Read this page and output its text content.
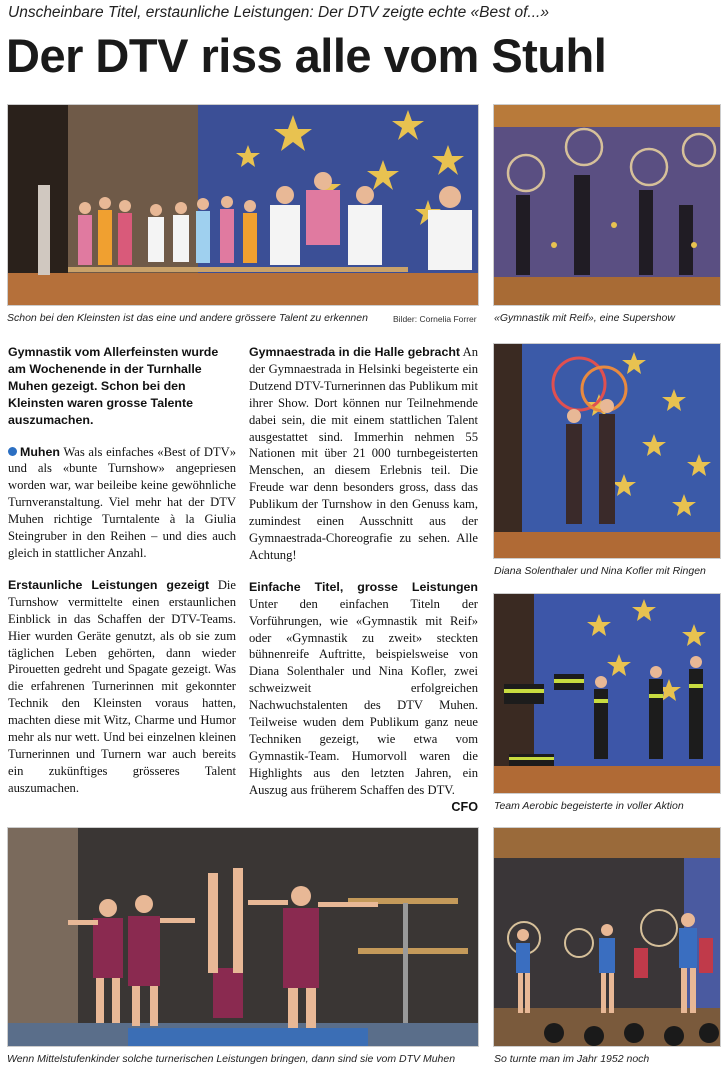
Unscheinbare Titel, erstaunliche Leistungen: Der DTV zeigte echte «Best of...»
Der DTV riss alle vom Stuhl
Schon bei den Kleinsten ist das eine und andere grössere Talent zu erkennen	Bilder: Cornelia Forrer «Gymnastik mit Reif», eine Supershow
Diana Solenthaler und Nina Kofler mit Ringen
Team Aerobic begeisterte in voller Aktion

Gymnastik vom Allerfeinsten wurde am Wochenende in der Turnhalle Muhen gezeigt. Schon bei den Kleinsten waren grosse Talente auszumachen.

Muhen Was als einfaches «Best of DTV» und als «bunte Turnshow» angepriesen worden war, war beileibe keine gewöhnliche Turnveranstaltung. Viel mehr hat der DTV Muhen richtige Turntalente à la Giulia Steingruber in den Reihen – und dies auch gleich in stattlicher Anzahl.

Erstaunliche Leistungen gezeigt Die Turnshow vermittelte einen erstaunlichen Einblick in das Schaffen der DTV-Teams. Hier wurden Geräte genutzt, als ob sie zum täglichen Leben gehörten, dann wieder Pirouetten gedreht und Spagate gezeigt. Was die erfahrenen Turnerinnen mit gekonnter Technik den Kleinsten voraus hatten, machten diese mit Witz, Charme und Humor mehr als nur wett. Und bei einzelnen kleinen Turnerinnen und Turnern war auch bereits ein zukünftiges grösseres Talent auszumachen.

Gymnaestrada in die Halle gebracht An der Gymnaestrada in Helsinki begeisterte ein Dutzend DTV-Turnerinnen das Publikum mit ihrer Show. Dort können nur Teilnehmende dabei sein, die mit einem stattlichen Talent ausgestattet sind. Immerhin nehmen 55 Nationen mit über 21 000 turnbegeisterten Menschen, an diesem Erlebnis teil. Die Freude war denn besonders gross, dass das Publikum der Turnshow in den Genuss kam, zumindest einen Ausschnitt aus der Gymnaestrada-Choreografie zu sehen. Alle Achtung!

Einfache Titel, grosse Leistungen Unter den einfachen Titeln der Vorführungen, wie «Gymnastik mit Reif» oder «Gymnastik zu zweit» steckten bühnenreife Auftritte, beispielsweise von Diana Solenthaler und Nina Kofler, zwei schweizweit erfolgreichen Nachwuchstalenten des DTV Muhen. Teilweise wuden dem Publikum ganz neue Techniken gezeigt, wie etwa vom Gymnastik-Team. Humorvoll waren die Highlights aus den letzten Jahren, ein Auszug aus früherem Schaffen des DTV.
CFO

Wenn Mittelstufenkinder solche turnerischen Leistungen bringen, dann sind sie vom DTV Muhen	So turnte man im Jahr 1952 noch
